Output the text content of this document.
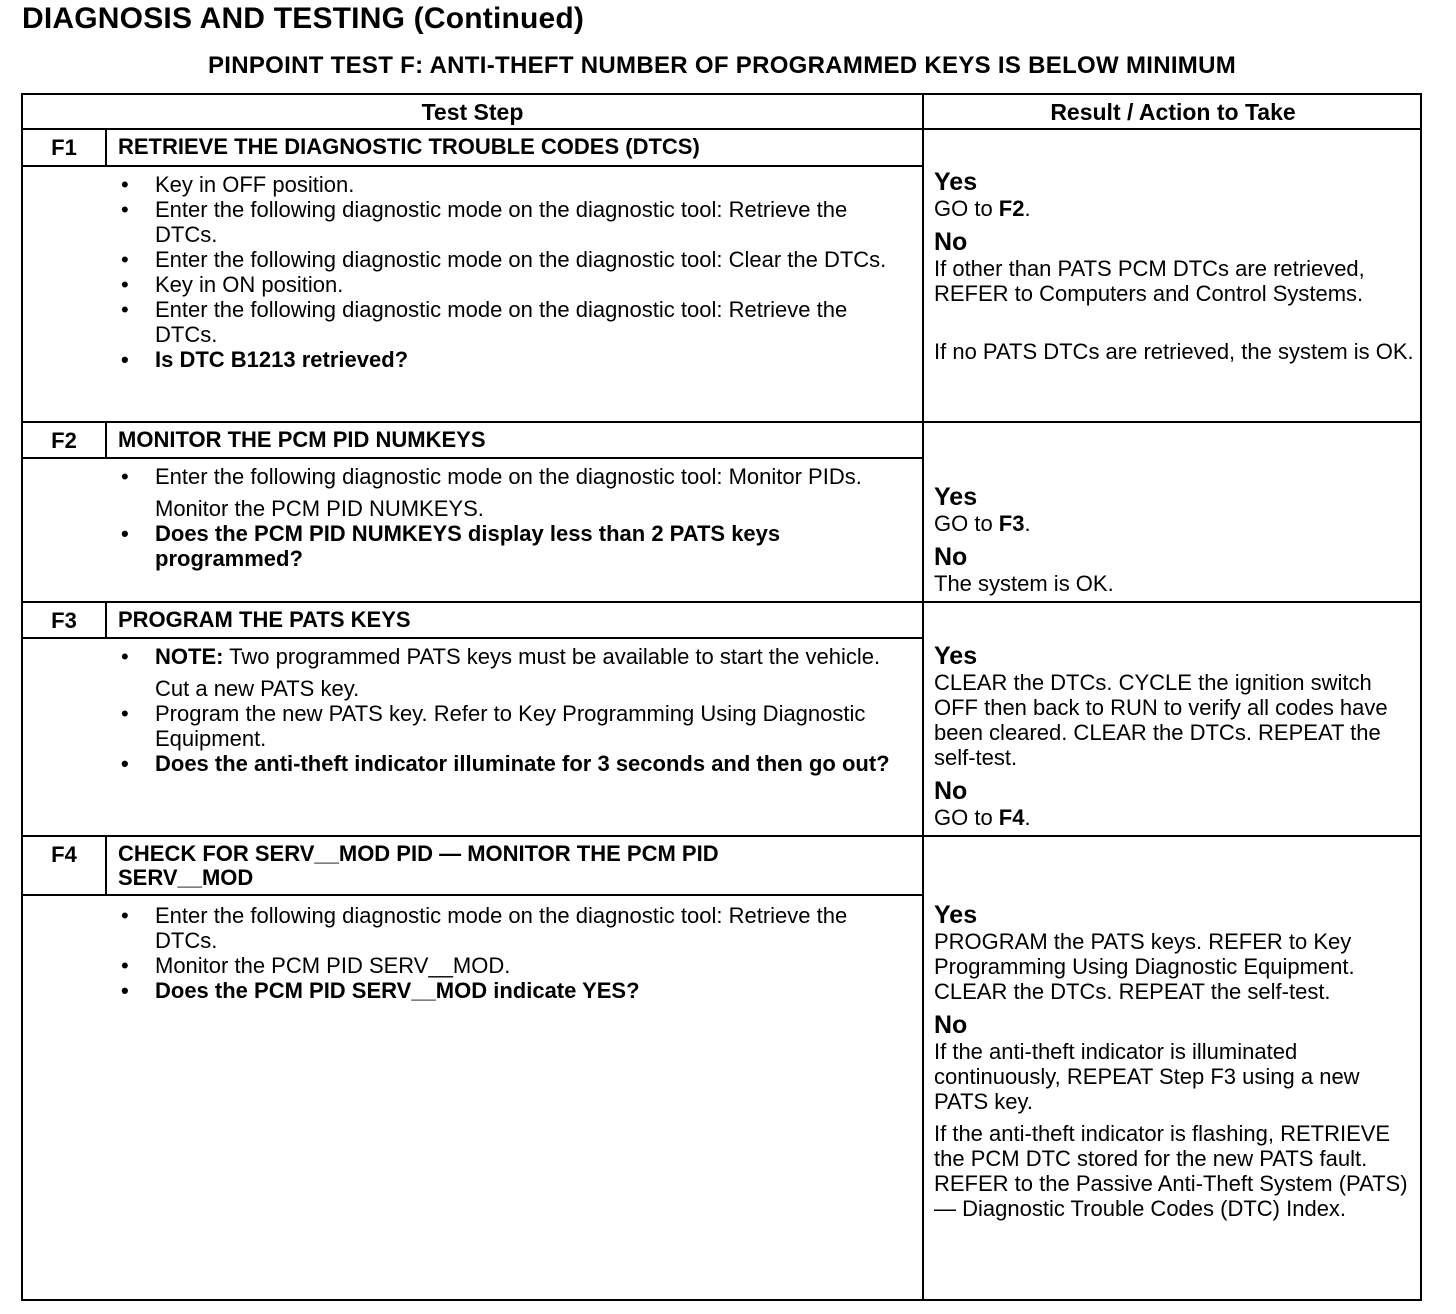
DIAGNOSIS AND TESTING (Continued)
PINPOINT TEST F: ANTI-THEFT NUMBER OF PROGRAMMED KEYS IS BELOW MINIMUM
Test Step	Result / Action to Take
F1	RETRIEVE THE DIAGNOSTIC TROUBLE CODES (DTCS)
• Key in OFF position.
• Enter the following diagnostic mode on the diagnostic tool: Retrieve the DTCs.
• Enter the following diagnostic mode on the diagnostic tool: Clear the DTCs.
• Key in ON position.
• Enter the following diagnostic mode on the diagnostic tool: Retrieve the DTCs.
• Is DTC B1213 retrieved?
Yes
GO to F2.
No
If other than PATS PCM DTCs are retrieved, REFER to Computers and Control Systems.
If no PATS DTCs are retrieved, the system is OK.
F2	MONITOR THE PCM PID NUMKEYS
• Enter the following diagnostic mode on the diagnostic tool: Monitor PIDs.
Monitor the PCM PID NUMKEYS.
• Does the PCM PID NUMKEYS display less than 2 PATS keys programmed?
Yes
GO to F3.
No
The system is OK.
F3	PROGRAM THE PATS KEYS
• NOTE: Two programmed PATS keys must be available to start the vehicle.
Cut a new PATS key.
• Program the new PATS key. Refer to Key Programming Using Diagnostic Equipment.
• Does the anti-theft indicator illuminate for 3 seconds and then go out?
Yes
CLEAR the DTCs. CYCLE the ignition switch OFF then back to RUN to verify all codes have been cleared. CLEAR the DTCs. REPEAT the self-test.
No
GO to F4.
F4	CHECK FOR SERV__MOD PID — MONITOR THE PCM PID SERV__MOD
• Enter the following diagnostic mode on the diagnostic tool: Retrieve the DTCs.
• Monitor the PCM PID SERV__MOD.
• Does the PCM PID SERV__MOD indicate YES?
Yes
PROGRAM the PATS keys. REFER to Key Programming Using Diagnostic Equipment. CLEAR the DTCs. REPEAT the self-test.
No
If the anti-theft indicator is illuminated continuously, REPEAT Step F3 using a new PATS key.
If the anti-theft indicator is flashing, RETRIEVE the PCM DTC stored for the new PATS fault. REFER to the Passive Anti-Theft System (PATS) — Diagnostic Trouble Codes (DTC) Index.
